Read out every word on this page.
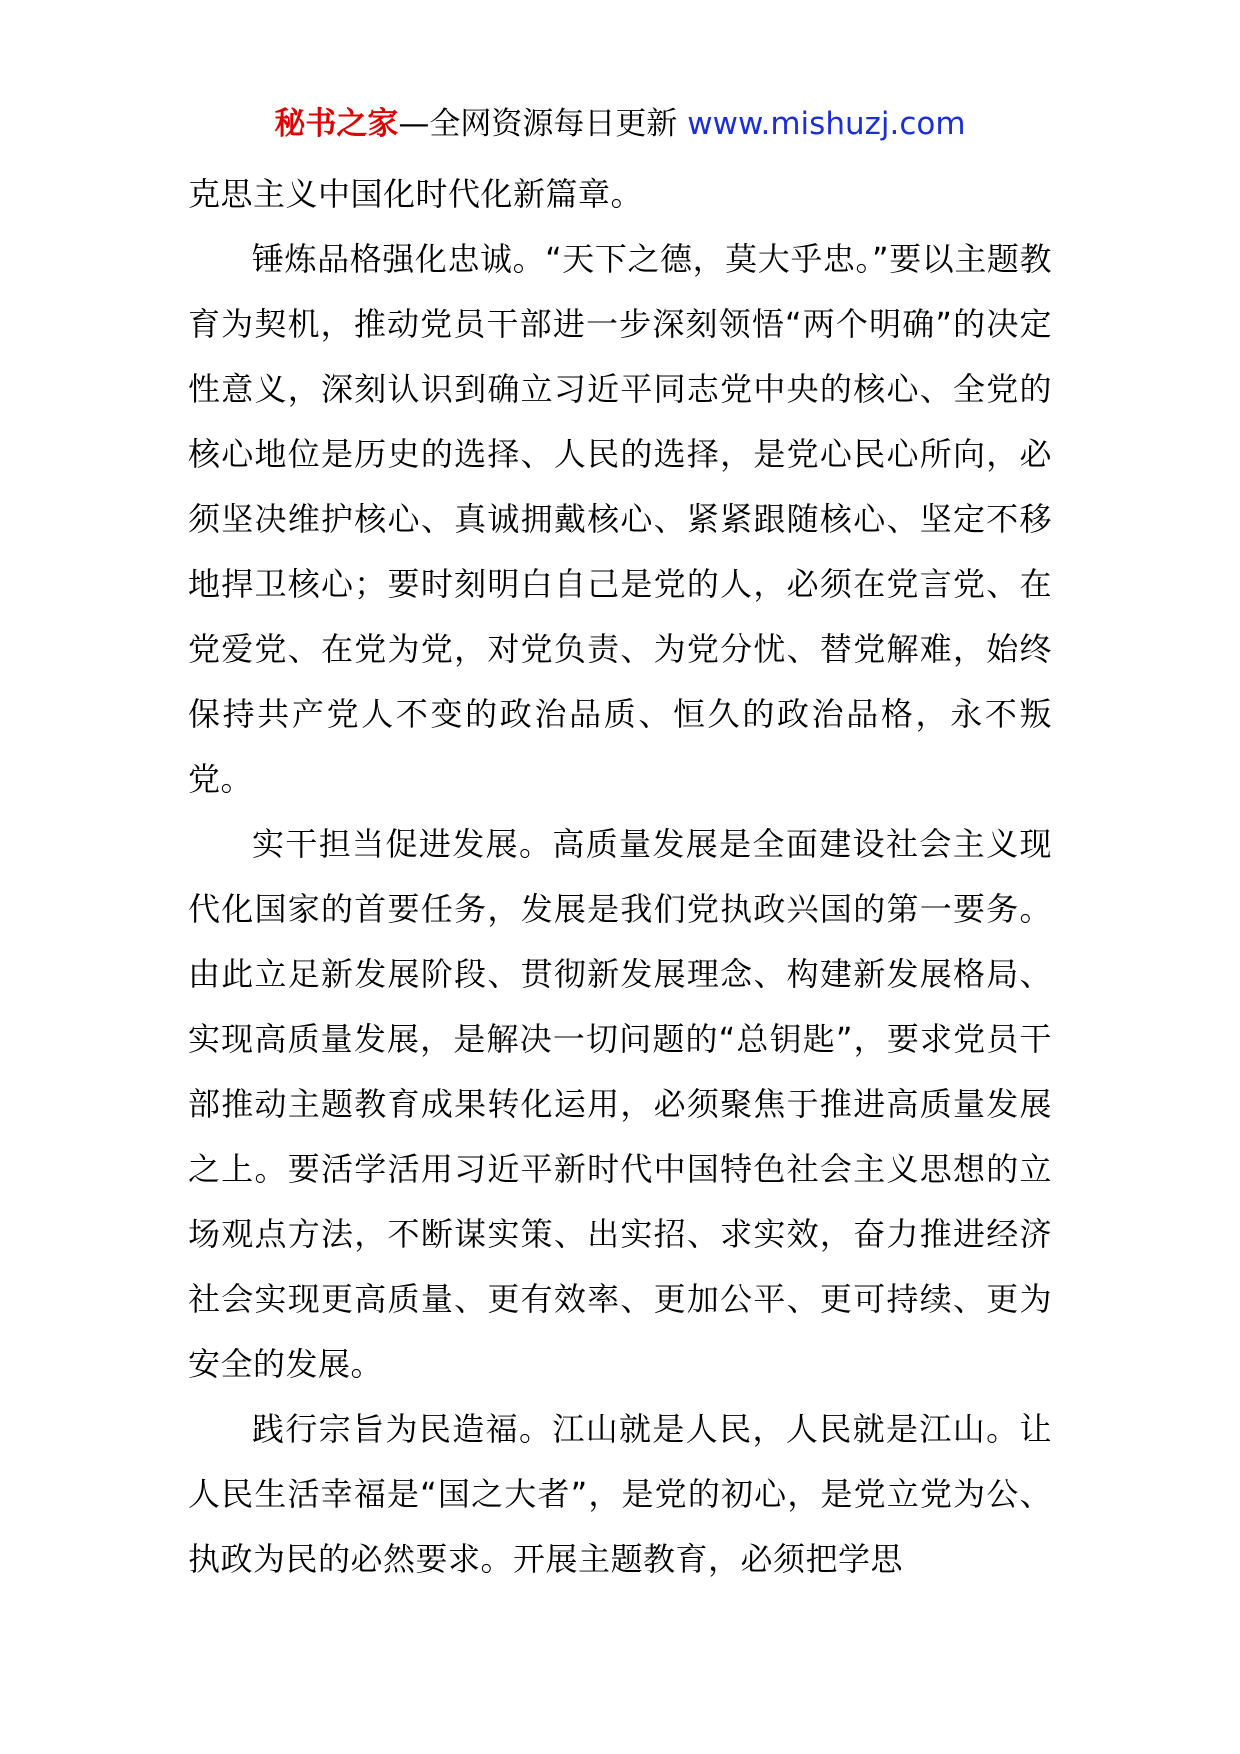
秘书之家—全网资源每日更新 www.mishuzj.com

克思主义中国化时代化新篇章。

锤炼品格强化忠诚。“天下之德，莫大乎忠。”要以主题教育为契机，推动党员干部进一步深刻领悟“两个明确”的决定性意义，深刻认识到确立习近平同志党中央的核心、全党的核心地位是历史的选择、人民的选择，是党心民心所向，必须坚决维护核心、真诚拥戴核心、紧紧跟随核心、坚定不移地捍卫核心；要时刻明白自己是党的人，必须在党言党、在党爱党、在党为党，对党负责、为党分忧、替党解难，始终保持共产党人不变的政治品质、恒久的政治品格，永不叛党。

实干担当促进发展。高质量发展是全面建设社会主义现代化国家的首要任务，发展是我们党执政兴国的第一要务。由此立足新发展阶段、贯彻新发展理念、构建新发展格局、实现高质量发展，是解决一切问题的“总钥匙”，要求党员干部推动主题教育成果转化运用，必须聚焦于推进高质量发展之上。要活学活用习近平新时代中国特色社会主义思想的立场观点方法，不断谋实策、出实招、求实效，奋力推进经济社会实现更高质量、更有效率、更加公平、更可持续、更为安全的发展。

践行宗旨为民造福。江山就是人民，人民就是江山。让人民生活幸福是“国之大者”，是党的初心，是党立党为公、执政为民的必然要求。开展主题教育，必须把学思
